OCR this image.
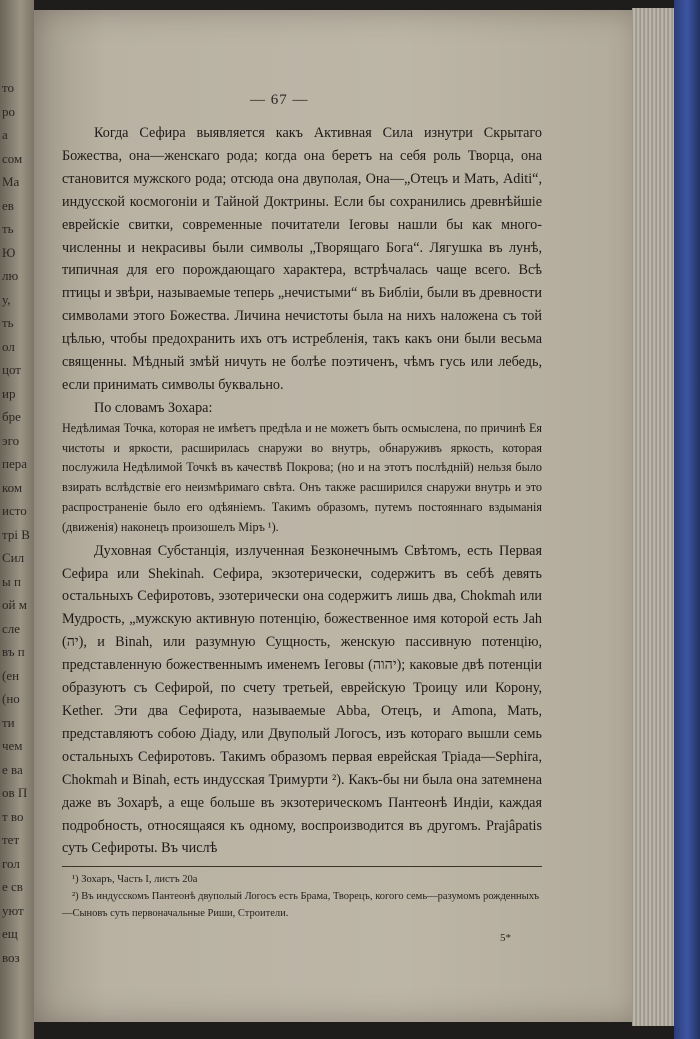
то
ро
а
сом
Ма
ев
ть
Ю
лю
у,
ть
ол
цот
ир
бре
эго
пера
ком
исто
трі В
Сил
ы п
ой м
сле
въ п
(ен
(но
ти
чем
е ва
ов П
т во
тет
гол
е св
уют
ещ
воз
— 67 —

Когда Сефира выявляется какъ Активная Сила изнутри Скрытаго Божества, она—женскаго рода; когда она беретъ на себя роль Творца, она становится мужского рода; отсюда она двуполая, Она—„Отецъ и Мать, Aditi“, индусской космогоніи и Тайной Доктрины. Если бы сохранились древнѣйшіе еврейскіе свитки, современные почитатели Іеговы нашли бы как много-численны и некрасивы были символы „Творящаго Бога“. Лягушка въ лунѣ, типичная для его порождающаго характера, встрѣчалась чаще всего. Всѣ птицы и звѣри, называемые теперь „нечистыми“ въ Библіи, были въ древности символами этого Божества. Личина нечистоты была на нихъ наложена съ той цѣлью, чтобы предохранить ихъ отъ истребленія, такъ какъ они были весьма священны. Мѣдный змѣй ничуть не болѣе поэтиченъ, чѣмъ гусь или лебедь, если принимать символы буквально.

По словамъ Зохара:

Недѣлимая Точка, которая не имѣетъ предѣла и не можетъ быть осмыслена, по причинѣ Ея чистоты и яркости, расширилась снаружи во внутрь, обнаруживъ яркость, которая послужила Недѣлимой Точкѣ въ качествѣ Покрова; (но и на этотъ послѣдній) нельзя было взирать вслѣдствіе его неизмѣримаго свѣта. Онъ также расширился снаружи внутрь и это распространеніе было его одѣяніемъ. Такимъ образомъ, путемъ постояннаго вздыманія (движенія) наконецъ произошелъ Міръ ¹).

Духовная Субстанція, излученная Безконечнымъ Свѣтомъ, есть Первая Сефира или Shekinah. Сефира, экзотерически, содержитъ въ себѣ девять остальныхъ Сефиротовъ, эзотерически она содержитъ лишь два, Chokmah или Мудрость, „мужскую активную потенцію, божественное имя которой есть Jah (יה), и Binah, или разумную Сущность, женскую пассивную потенцію, представленную божественнымъ именемъ Іеговы (יהוה); каковые двѣ потенціи образуютъ съ Сефирой, по счету третьей, еврейскую Троицу или Корону, Kether. Эти два Сефирота, называемые Abba, Отецъ, и Amona, Мать, представляютъ собою Діаду, или Двуполый Логосъ, изъ котораго вышли семь остальныхъ Сефиротовъ. Такимъ образомъ первая еврейская Тріада—Sephira, Chokmah и Binah, есть индусская Тримурти ²). Какъ-бы ни была она затемнена даже въ Зохарѣ, а еще больше въ экзотерическомъ Пантеонѣ Индіи, каждая подробность, относящаяся къ одному, воспроизводится въ другомъ. Prajâpatis суть Сефироты. Въ числѣ

¹) Зохаръ, Часть I, листъ 20а
²) Въ индусскомъ Пантеонѣ двуполый Логосъ есть Брама, Творецъ, когого семь—разумомъ рожденныхъ—Сыновъ суть первоначальные Риши, Строители.
5*
